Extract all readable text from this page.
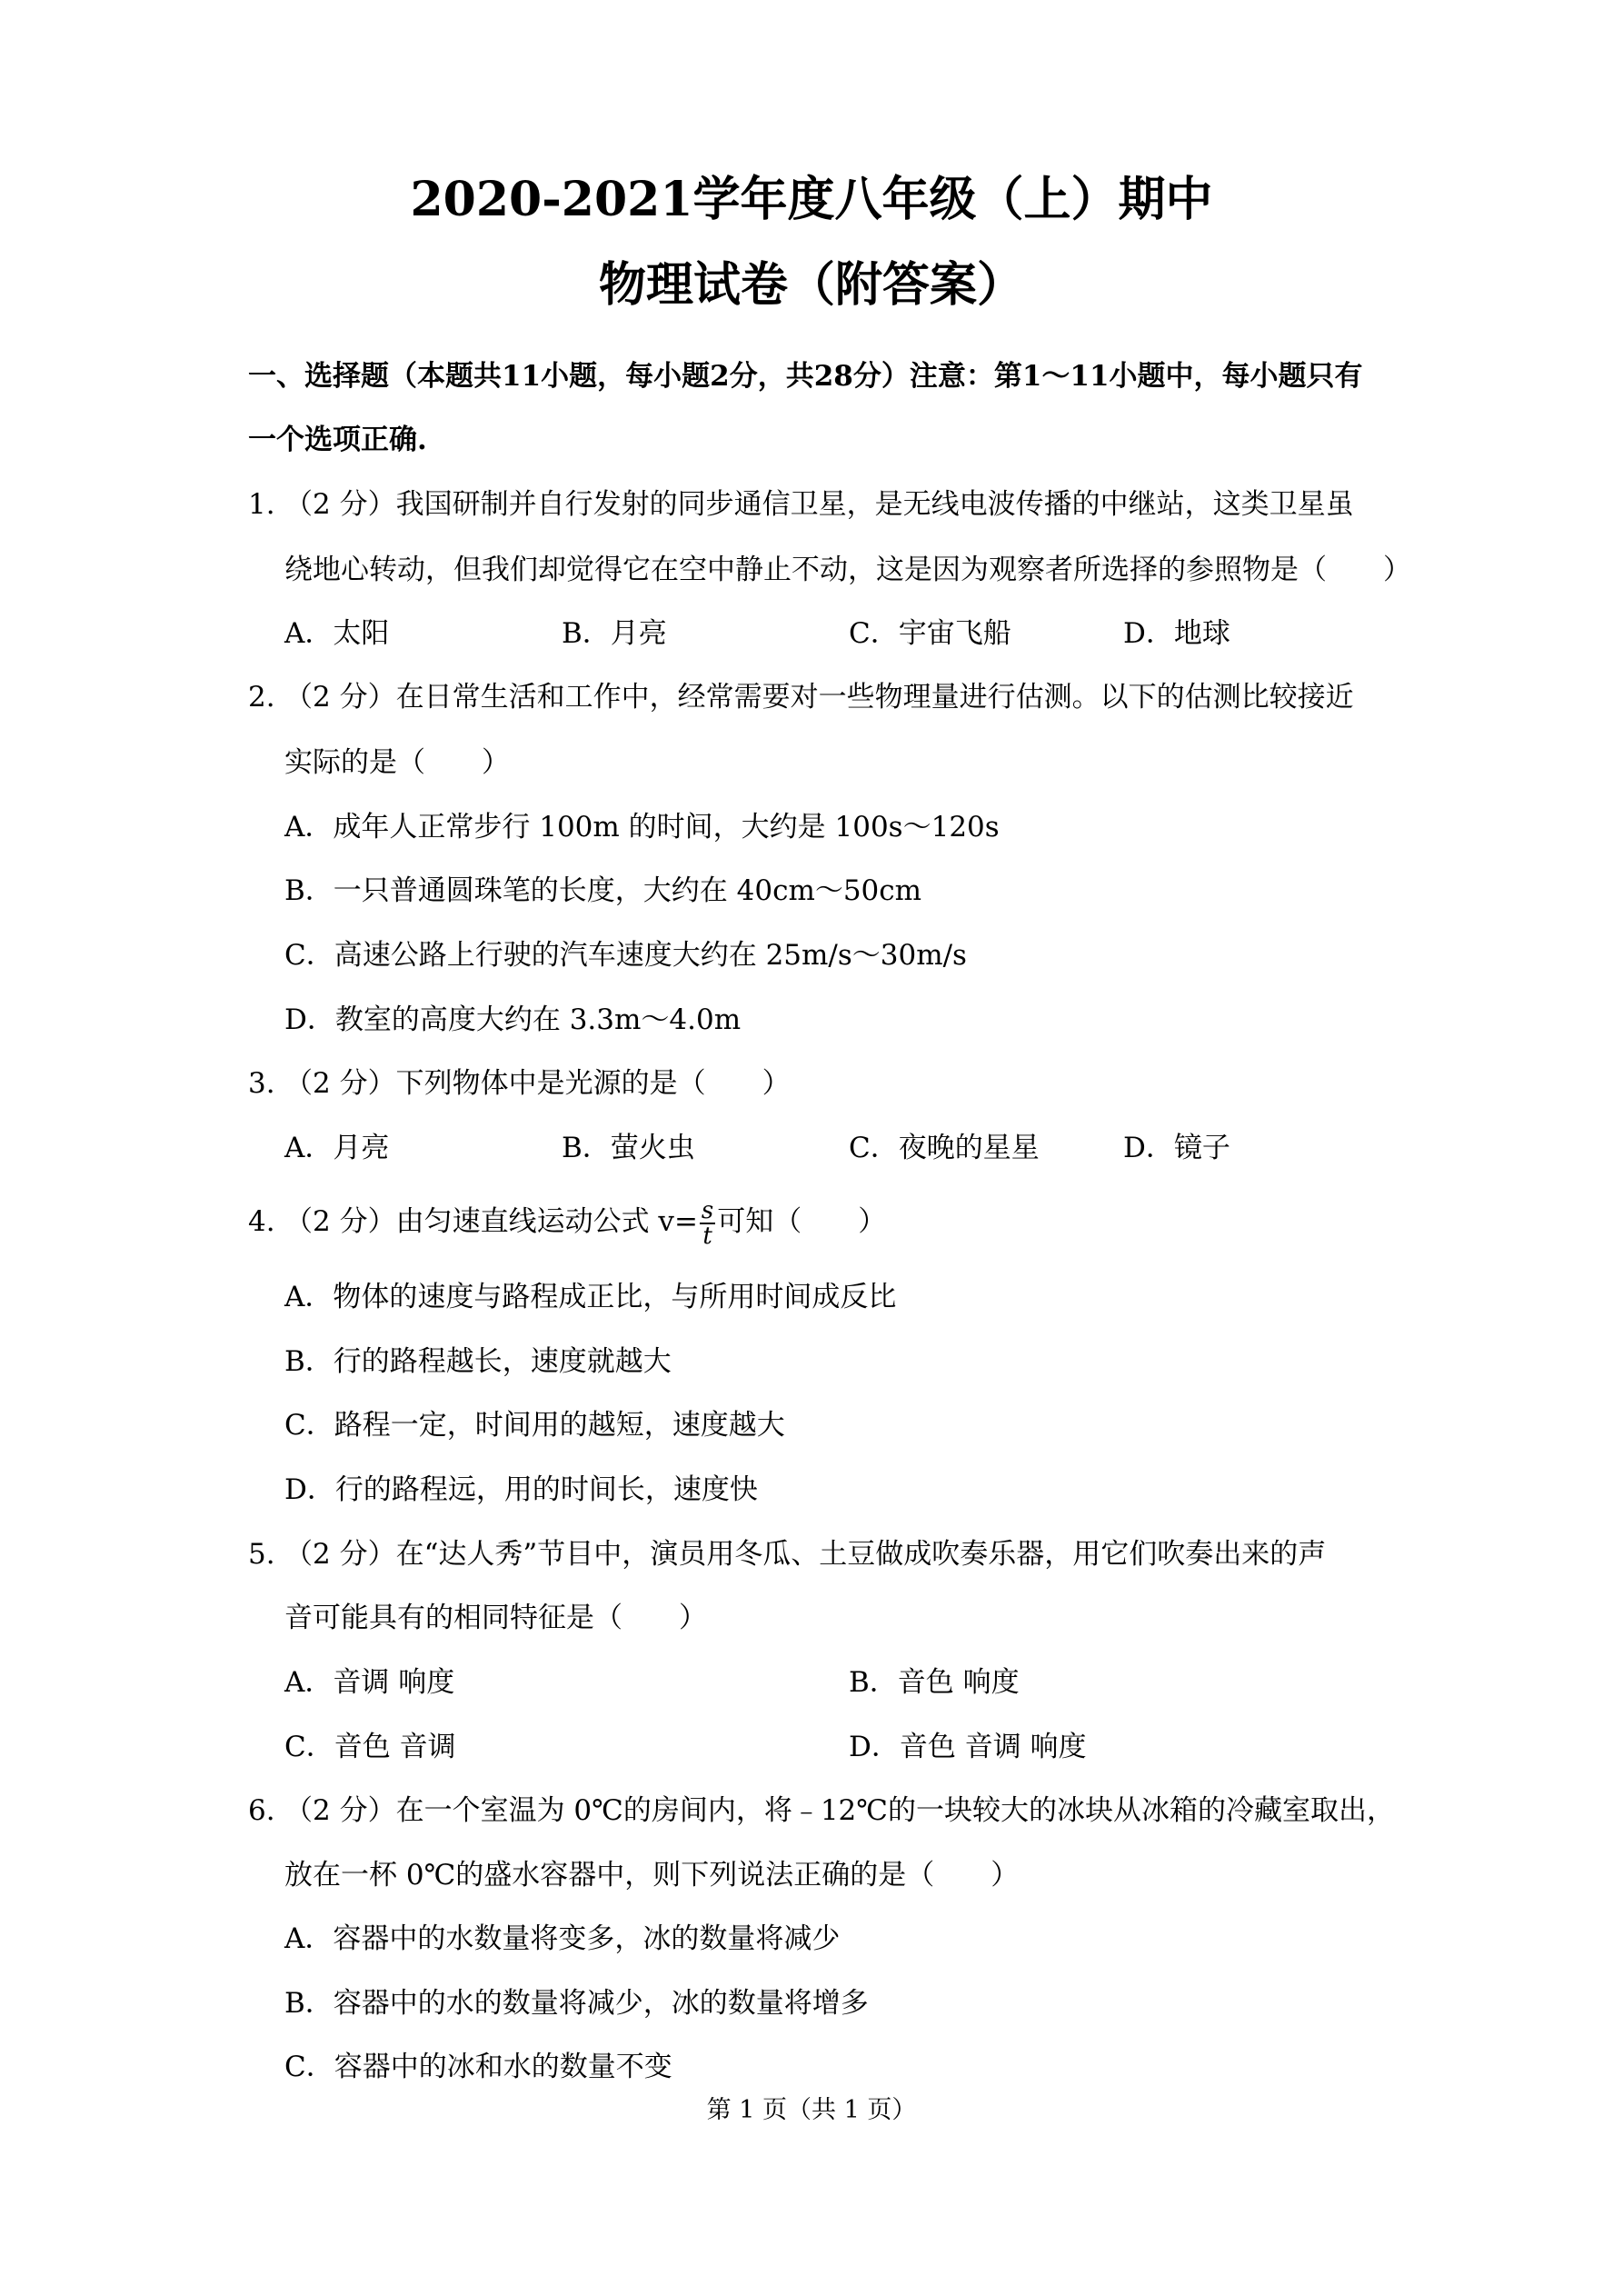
2020-2021学年度八年级（上）期中
物理试卷（附答案）
一、选择题（本题共11小题，每小题2分，共28分）注意：第1～11小题中，每小题只有
一个选项正确.
1. （2 分）我国研制并自行发射的同步通信卫星，是无线电波传播的中继站，这类卫星虽
绕地心转动，但我们却觉得它在空中静止不动，这是因为观察者所选择的参照物是（　　）
A．太阳	B．月亮	C．宇宙飞船	D．地球
2. （2 分）在日常生活和工作中，经常需要对一些物理量进行估测。以下的估测比较接近
实际的是（　　）
A．成年人正常步行 100m 的时间，大约是 100s～120s
B．一只普通圆珠笔的长度，大约在 40cm～50cm
C．高速公路上行驶的汽车速度大约在 25m/s～30m/s
D．教室的高度大约在 3.3m～4.0m
3. （2 分）下列物体中是光源的是（　　）
A．月亮	B．萤火虫	C．夜晚的星星	D．镜子
4. （2 分）由匀速直线运动公式 $v= \frac{s}{t}$ 可知（　　）
A．物体的速度与路程成正比，与所用时间成反比
B．行的路程越长，速度就越大
C．路程一定，时间用的越短，速度越大
D．行的路程远，用的时间长，速度快
5. （2 分）在“达人秀”节目中，演员用冬瓜、土豆做成吹奏乐器，用它们吹奏出来的声
音可能具有的相同特征是（　　）
A．音调 响度	B．音色 响度
C．音色 音调	D．音色 音调 响度
6. （2 分）在一个室温为 0℃的房间内，将﹣12℃的一块较大的冰块从冰箱的冷藏室取出，
放在一杯 0℃的盛水容器中，则下列说法正确的是（　　）
A．容器中的水数量将变多，冰的数量将减少
B．容器中的水的数量将减少，冰的数量将增多
C．容器中的冰和水的数量不变
第 1 页（共 1 页）
